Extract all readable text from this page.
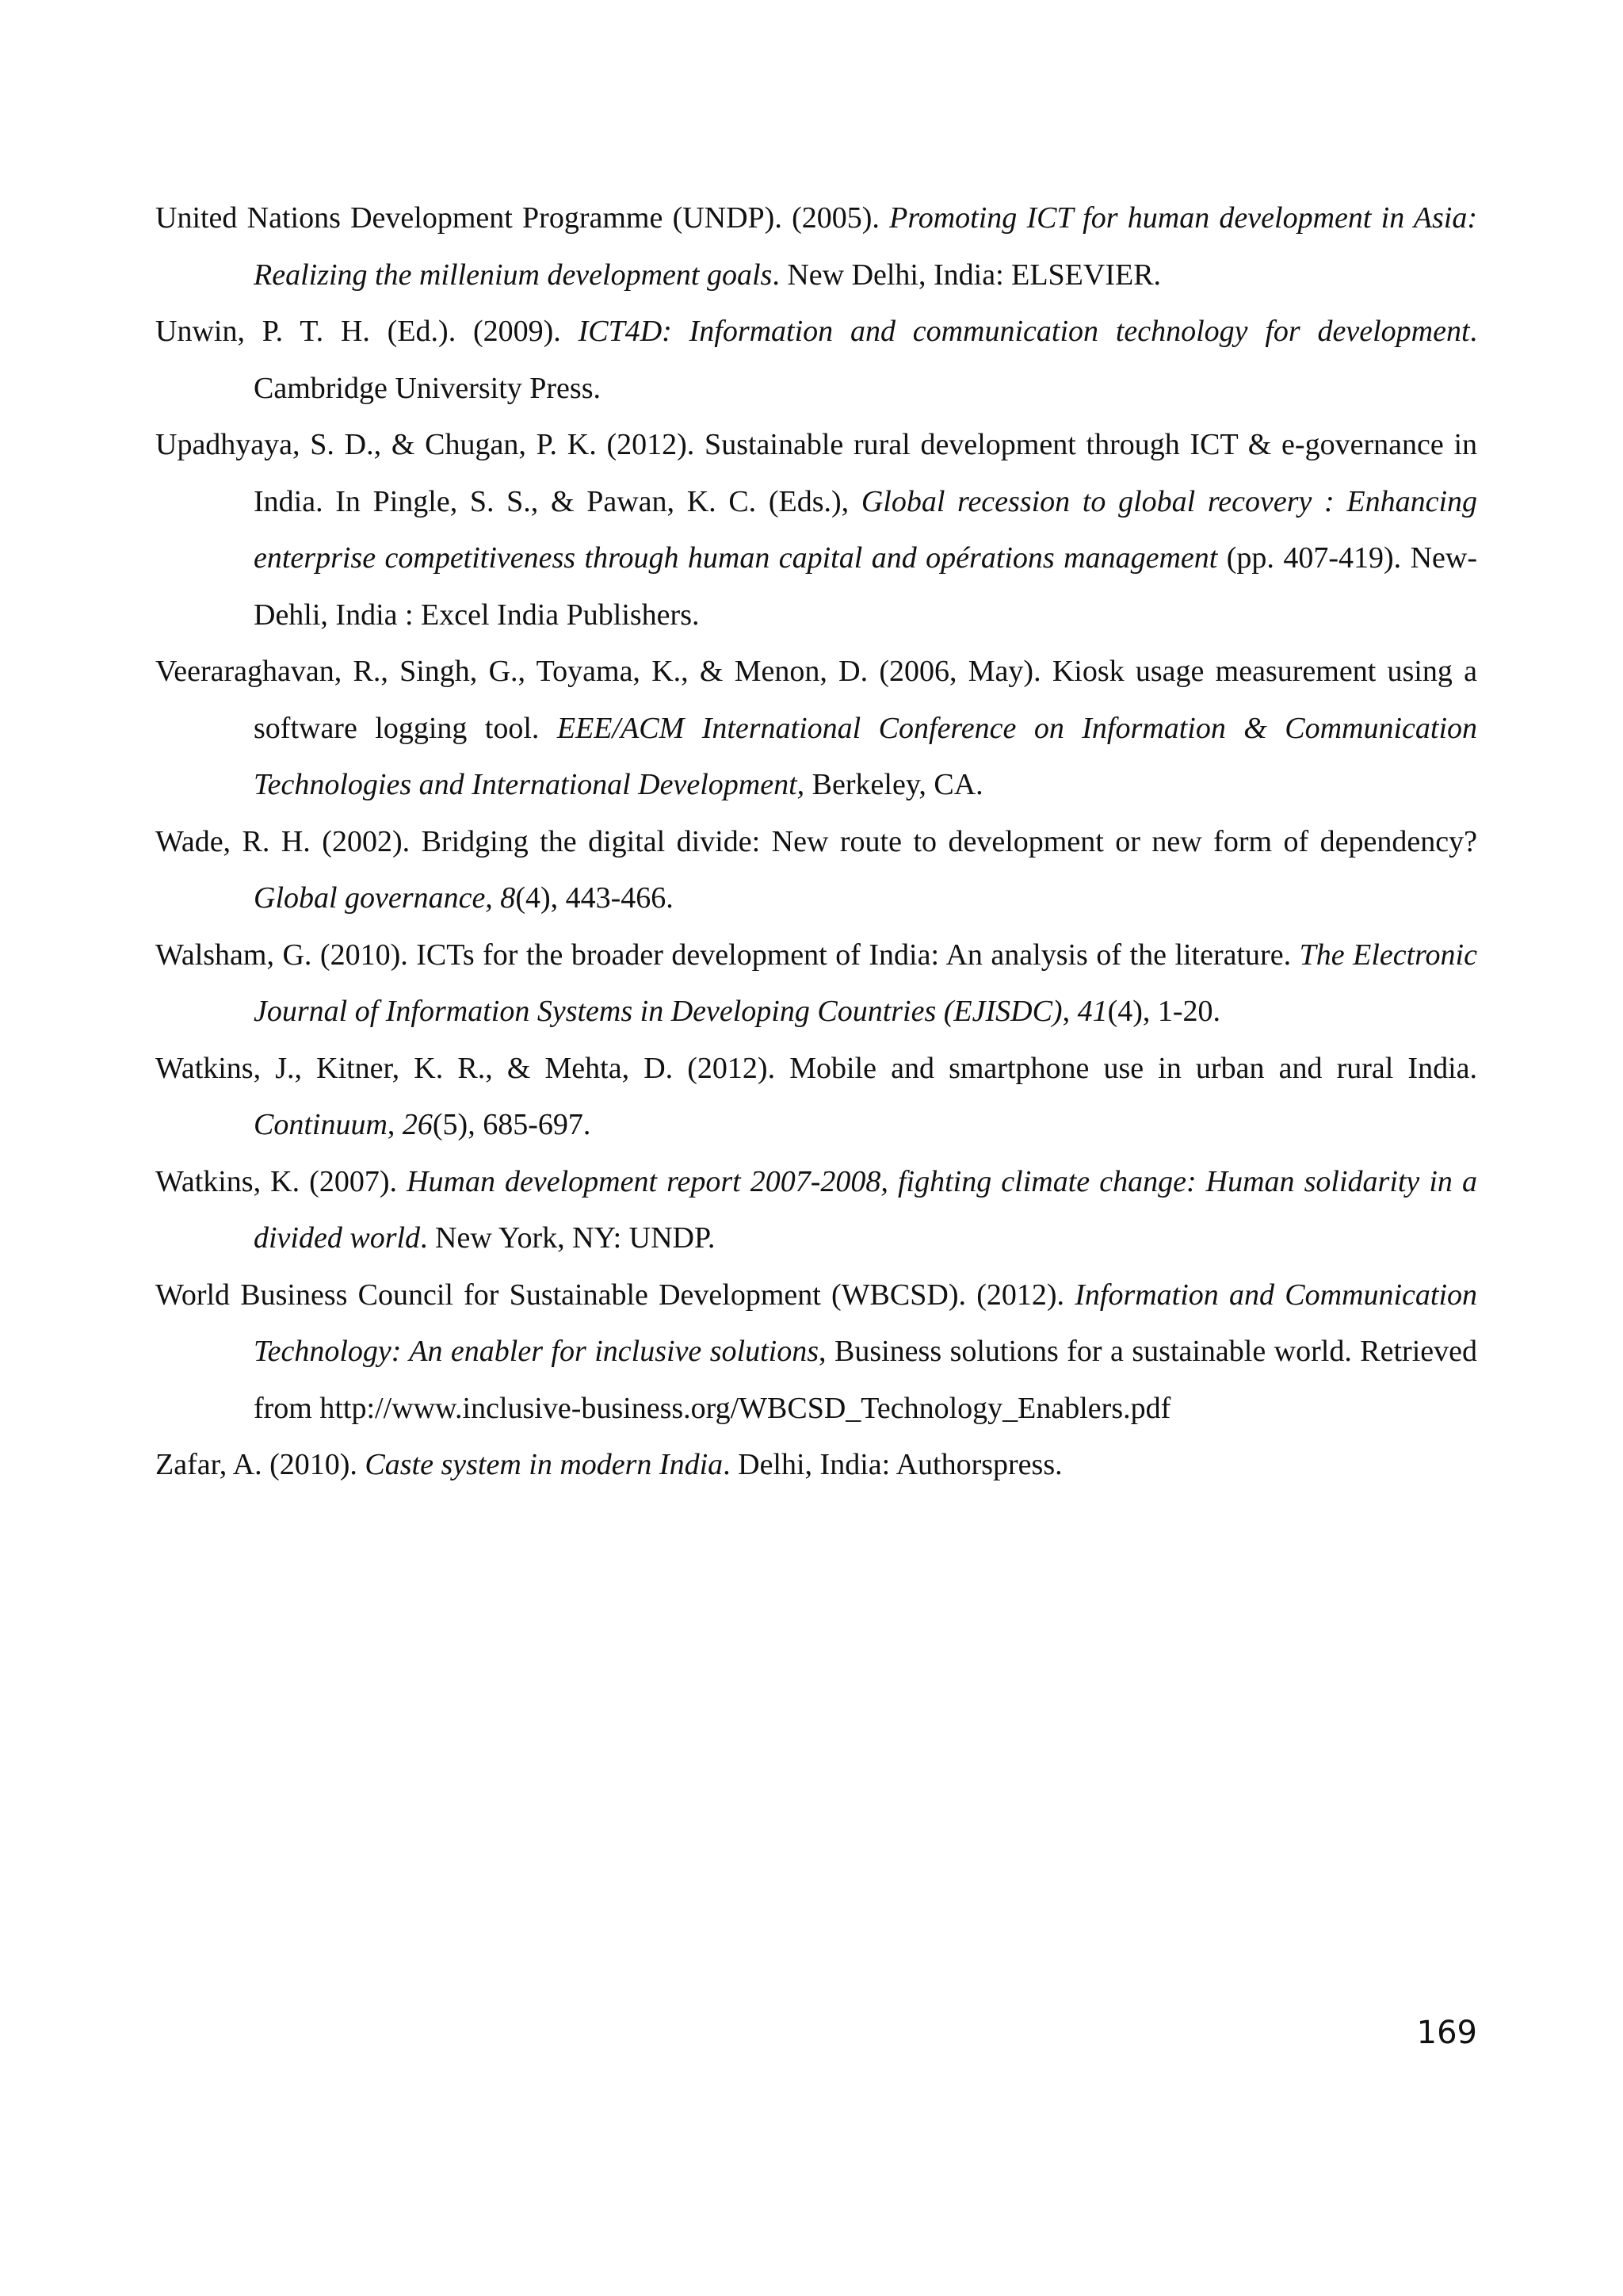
United Nations Development Programme (UNDP). (2005). Promoting ICT for human development in Asia: Realizing the millenium development goals. New Delhi, India: ELSEVIER.

Unwin, P. T. H. (Ed.). (2009). ICT4D: Information and communication technology for development. Cambridge University Press.

Upadhyaya, S. D., & Chugan, P. K. (2012). Sustainable rural development through ICT & e-governance in India. In Pingle, S. S., & Pawan, K. C. (Eds.), Global recession to global recovery : Enhancing enterprise competitiveness through human capital and opérations management (pp. 407-419). New-Dehli, India : Excel India Publishers.

Veeraraghavan, R., Singh, G., Toyama, K., & Menon, D. (2006, May). Kiosk usage measurement using a software logging tool. EEE/ACM International Conference on Information & Communication Technologies and International Development, Berkeley, CA.

Wade, R. H. (2002). Bridging the digital divide: New route to development or new form of dependency? Global governance, 8(4), 443-466.

Walsham, G. (2010). ICTs for the broader development of India: An analysis of the literature. The Electronic Journal of Information Systems in Developing Countries (EJISDC), 41(4), 1-20.

Watkins, J., Kitner, K. R., & Mehta, D. (2012). Mobile and smartphone use in urban and rural India. Continuum, 26(5), 685-697.

Watkins, K. (2007). Human development report 2007-2008, fighting climate change: Human solidarity in a divided world. New York, NY: UNDP.

World Business Council for Sustainable Development (WBCSD). (2012). Information and Communication Technology: An enabler for inclusive solutions, Business solutions for a sustainable world. Retrieved from http://www.inclusive-business.org/WBCSD_Technology_Enablers.pdf

Zafar, A. (2010). Caste system in modern India. Delhi, India: Authorspress.

169
